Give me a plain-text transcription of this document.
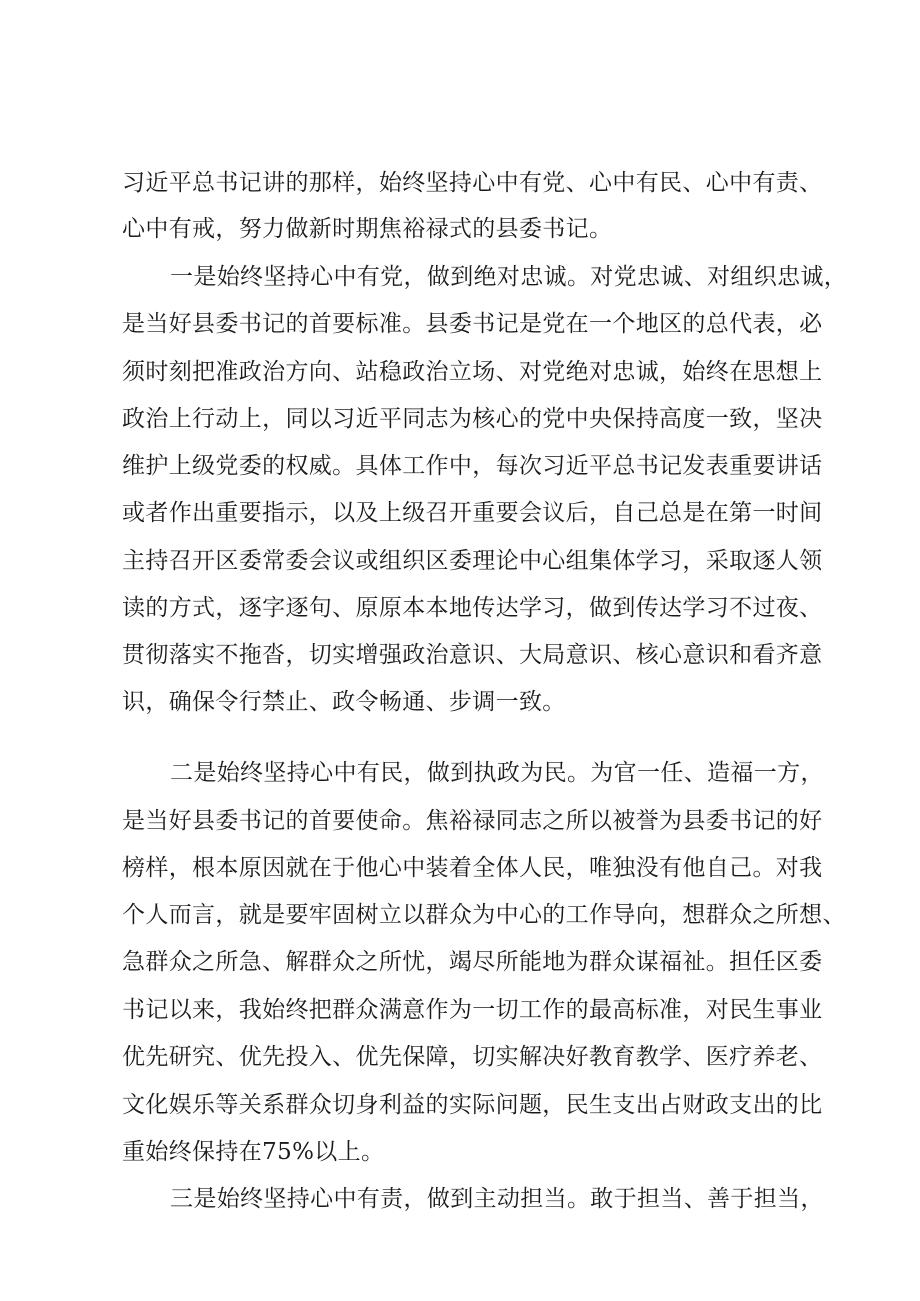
习近平总书记讲的那样，始终坚持心中有党、心中有民、心中有责、
心中有戒，努力做新时期焦裕禄式的县委书记。
一是始终坚持心中有党，做到绝对忠诚。对党忠诚、对组织忠诚，
是当好县委书记的首要标准。县委书记是党在一个地区的总代表，必
须时刻把准政治方向、站稳政治立场、对党绝对忠诚，始终在思想上
政治上行动上，同以习近平同志为核心的党中央保持高度一致，坚决
维护上级党委的权威。具体工作中，每次习近平总书记发表重要讲话
或者作出重要指示，以及上级召开重要会议后，自己总是在第一时间
主持召开区委常委会议或组织区委理论中心组集体学习，采取逐人领
读的方式，逐字逐句、原原本本地传达学习，做到传达学习不过夜、
贯彻落实不拖沓，切实增强政治意识、大局意识、核心意识和看齐意
识，确保令行禁止、政令畅通、步调一致。
二是始终坚持心中有民，做到执政为民。为官一任、造福一方，
是当好县委书记的首要使命。焦裕禄同志之所以被誉为县委书记的好
榜样，根本原因就在于他心中装着全体人民，唯独没有他自己。对我
个人而言，就是要牢固树立以群众为中心的工作导向，想群众之所想、
急群众之所急、解群众之所忧，竭尽所能地为群众谋福祉。担任区委
书记以来，我始终把群众满意作为一切工作的最高标准，对民生事业
优先研究、优先投入、优先保障，切实解决好教育教学、医疗养老、
文化娱乐等关系群众切身利益的实际问题，民生支出占财政支出的比
重始终保持在75%以上。
三是始终坚持心中有责，做到主动担当。敢于担当、善于担当，
